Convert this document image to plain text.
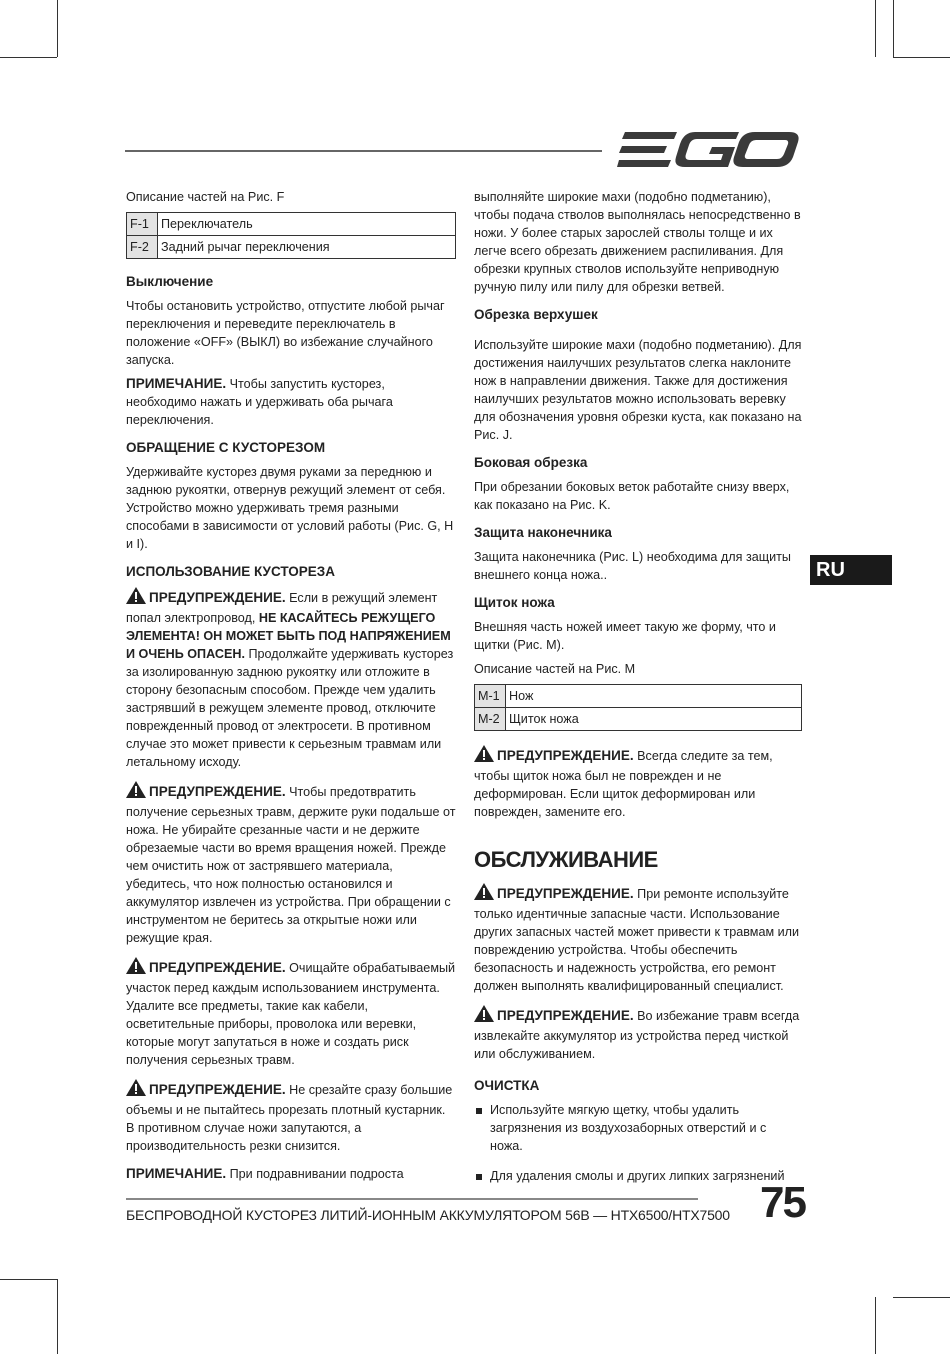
Описание частей на Рис. F

F-1	Переключатель
F-2	Задний рычаг переключения
Выключение

Чтобы остановить устройство, отпустите любой рычаг переключения и переведите переключатель в положение «OFF» (ВЫКЛ) во избежание случайного запуска.

ПРИМЕЧАНИЕ. Чтобы запустить кусторез, необходимо нажать и удерживать оба рычага переключения.

ОБРАЩЕНИЕ С КУСТОРЕЗОМ

Удерживайте кусторез двумя руками за переднюю и заднюю рукоятки, отвернув режущий элемент от себя. Устройство можно удерживать тремя разными способами в зависимости от условий работы (Рис. G, H и I).

ИСПОЛЬЗОВАНИЕ КУСТОРЕЗА

ПРЕДУПРЕЖДЕНИЕ. Если в режущий элемент попал электропровод, НЕ КАСАЙТЕСЬ РЕЖУЩЕГО ЭЛЕМЕНТА! ОН МОЖЕТ БЫТЬ ПОД НАПРЯЖЕНИЕМ И ОЧЕНЬ ОПАСЕН. Продолжайте удерживать кусторез за изолированную заднюю рукоятку или отложите в сторону безопасным способом. Прежде чем удалить застрявший в режущем элементе провод, отключите поврежденный провод от электросети. В противном случае это может привести к серьезным травмам или летальному исходу.

ПРЕДУПРЕЖДЕНИЕ. Чтобы предотвратить получение серьезных травм, держите руки подальше от ножа. Не убирайте срезанные части и не держите обрезаемые части во время вращения ножей. Прежде чем очистить нож от застрявшего материала, убедитесь, что нож полностью остановился и аккумулятор извлечен из устройства. При обращении с инструментом не беритесь за открытые ножи или режущие края.

ПРЕДУПРЕЖДЕНИЕ. Очищайте обрабатываемый участок перед каждым использованием инструмента. Удалите все предметы, такие как кабели, осветительные приборы, проволока или веревки, которые могут запутаться в ноже и создать риск получения серьезных травм.

ПРЕДУПРЕЖДЕНИЕ. Не срезайте сразу большие объемы и не пытайтесь прорезать плотный кустарник. В противном случае ножи запутаются, а производительность резки снизится.

ПРИМЕЧАНИЕ. При подравнивании подроста

выполняйте широкие махи (подобно подметанию), чтобы подача стволов выполнялась непосредственно в ножи. У более старых зарослей стволы толще и их легче всего обрезать движением распиливания. Для обрезки крупных стволов используйте неприводную ручную пилу или пилу для обрезки ветвей.

Обрезка верхушек

Используйте широкие махи (подобно подметанию). Для достижения наилучших результатов слегка наклоните нож в направлении движения. Также для достижения наилучших результатов можно использовать веревку для обозначения уровня обрезки куста, как показано на Рис. J.

Боковая обрезка

При обрезании боковых веток работайте снизу вверх, как показано на Рис. K.

Защита наконечника

Защита наконечника (Рис. L) необходима для защиты внешнего конца ножа..

Щиток ножа

Внешняя часть ножей имеет такую же форму, что и щитки (Рис. M).

Описание частей на Рис. M

M-1	Нож
M-2	Щиток ножа

ПРЕДУПРЕЖДЕНИЕ. Всегда следите за тем, чтобы щиток ножа был не поврежден и не деформирован. Если щиток деформирован или поврежден, замените его.

ОБСЛУЖИВАНИЕ

ПРЕДУПРЕЖДЕНИЕ. При ремонте используйте только идентичные запасные части. Использование других запасных частей может привести к травмам или повреждению устройства. Чтобы обеспечить безопасность и надежность устройства, его ремонт должен выполнять квалифицированный специалист.

ПРЕДУПРЕЖДЕНИЕ. Во избежание травм всегда извлекайте аккумулятор из устройства перед чисткой или обслуживанием.

ОЧИСТКА
Используйте мягкую щетку, чтобы удалить загрязнения из воздухозаборных отверстий и с ножа.
Для удаления смолы и других липких загрязнений
RU
БЕСПРОВОДНОЙ КУСТОРЕЗ ЛИТИЙ-ИОННЫМ АККУМУЛЯТОРОМ 56В — HTX6500/HTX7500 75
